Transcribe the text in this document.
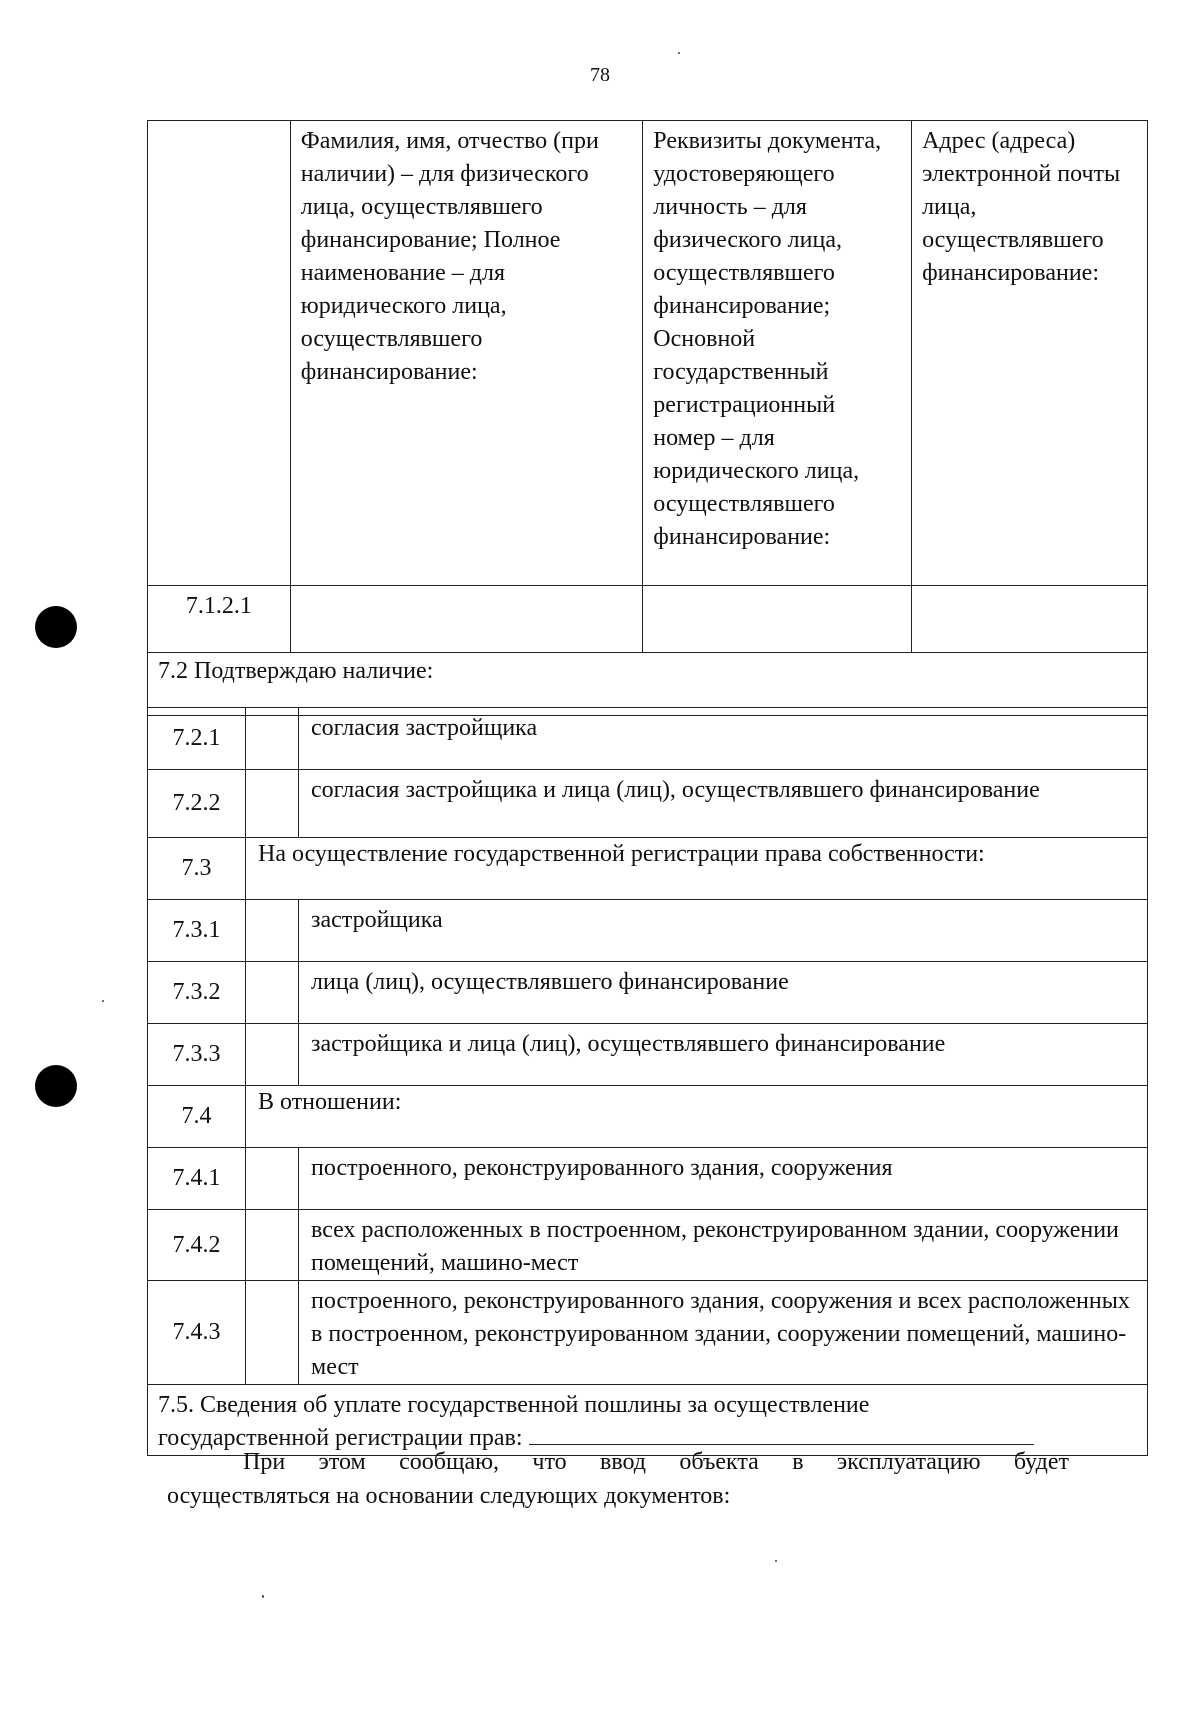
78
	Фамилия, имя, отчество (при наличии) – для физического лица, осуществлявшего финансирование; Полное наименование – для юридического лица, осуществлявшего финансирование:	Реквизиты документа, удостоверяющего личность – для физического лица, осуществлявшего финансирование; Основной государственный регистрационный номер – для юридического лица, осуществлявшего финансирование:	Адрес (адреса) электронной почты лица, осуществлявшего финансирование:
7.1.2.1			
7.2 Подтверждаю наличие:			
7.2.1		согласия застройщика
7.2.2		согласия застройщика и лица (лиц), осуществлявшего финансирование
7.3	На осуществление государственной регистрации права собственности:	
7.3.1		застройщика
7.3.2		лица (лиц), осуществлявшего финансирование
7.3.3		застройщика и лица (лиц), осуществлявшего финансирование
7.4	В отношении:	
7.4.1		построенного, реконструированного здания, сооружения
7.4.2		всех расположенных в построенном, реконструированном здании, сооружении помещений, машино-мест
7.4.3		построенного, реконструированного здания, сооружения и всех расположенных в построенном, реконструированном здании, сооружении помещений, машино-мест

7.5. Сведения об уплате государственной пошлины за осуществление
государственной регистрации прав:		
При этом сообщаю, что ввод объекта в эксплуатацию будет
осуществляться на основании следующих документов:
